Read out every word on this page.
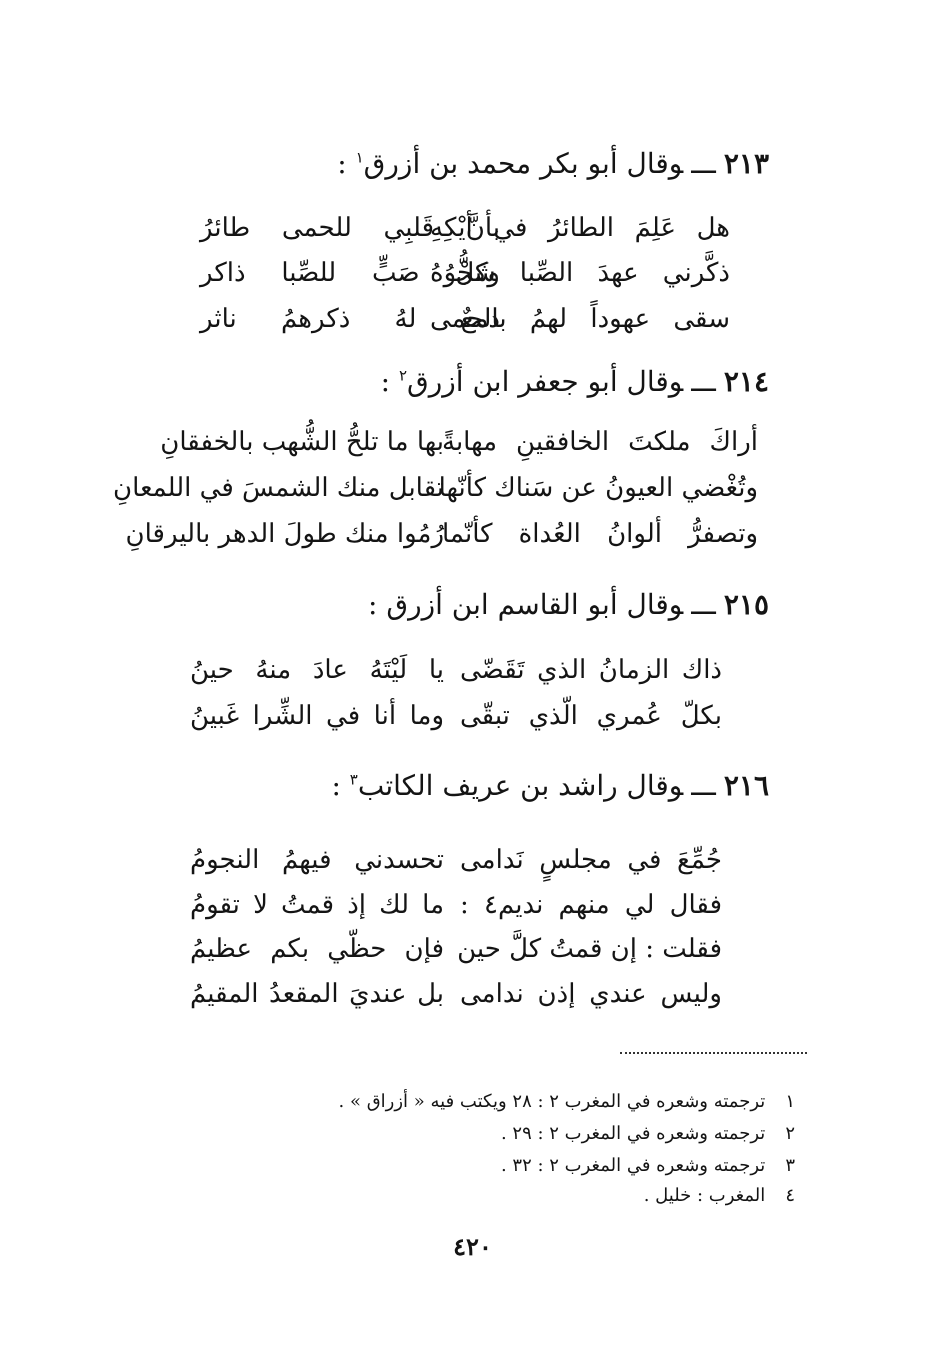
٢١٣ـــوقال أبو بكر محمد بن أزرق$^١$ :
هل عَلِمَ الطائرُ في أيْكِهِ
بأنَّ قَلبِي للحمى طائرُ
ذكَّرني عهدَ الصِّبا شَجْوُهُ
وكلُّ صَبٍّ للصِّبا ذاكر
سقى عهوداً لهمُ بالحمى
دمعٌ لهُ ذكرهمُ ناثر
٢١٤ـــوقال أبو جعفر ابن أزرق$^٢$ :
أراكَ ملكتَ الخافقينِ مهابةً
بها ما تلحُّ الشُّهب بالخفقانِ
وتُغْضي العيونُ عن سَناك كأنّها
تقابل منك الشمسَ في اللمعانِ
وتصفرُّ ألوانُ العُداة كأنّما
رُمُوا منك طولَ الدهر باليرقانِ
٢١٥ـــوقال أبو القاسم ابن أزرق :
ذاك الزمانُ الذي تَقَضّى
يا لَيْتَهُ عادَ منهُ حينُ
بكلّ عُمري الّذي تبقّى
وما أنا في الشِّرا غَبينُ
٢١٦ـــوقال راشد بن عريف الكاتب$^٣$ :
جُمِّعَ في مجلسٍ نَدامى
تحسدني فيهمُ النجومُ
فقال لي منهم نديم٤ :
ما لك إذ قمتُ لا تقومُ
فقلت : إن قمتُ كلَّ حين
فإن حظّي بكم عظيمُ
وليس عندي إذن ندامى
بل عنديَ المقعدُ المقيمُ
١ ترجمته وشعره في المغرب ٢ : ٢٨ ويكتب فيه « أزراق » .
٢ ترجمته وشعره في المغرب ٢ : ٢٩ .
٣ ترجمته وشعره في المغرب ٢ : ٣٢ .
٤ المغرب : خليل .
٤٢٠
